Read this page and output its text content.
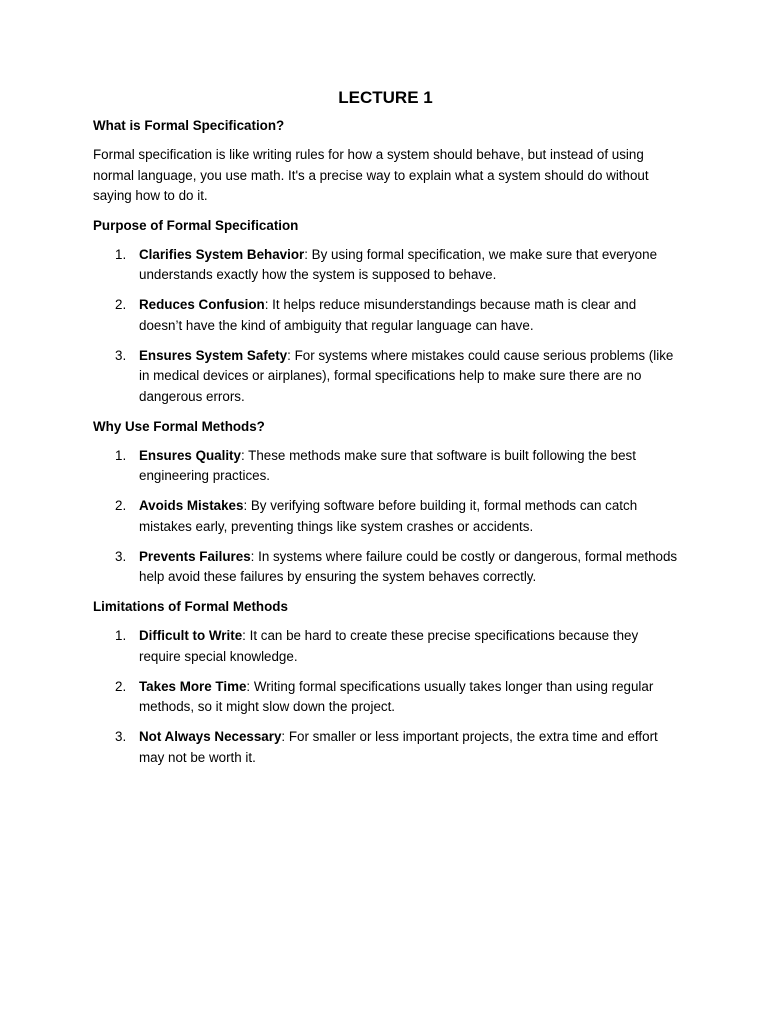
LECTURE 1
What is Formal Specification?
Formal specification is like writing rules for how a system should behave, but instead of using normal language, you use math. It's a precise way to explain what a system should do without saying how to do it.
Purpose of Formal Specification
1. Clarifies System Behavior: By using formal specification, we make sure that everyone understands exactly how the system is supposed to behave.
2. Reduces Confusion: It helps reduce misunderstandings because math is clear and doesn’t have the kind of ambiguity that regular language can have.
3. Ensures System Safety: For systems where mistakes could cause serious problems (like in medical devices or airplanes), formal specifications help to make sure there are no dangerous errors.
Why Use Formal Methods?
1. Ensures Quality: These methods make sure that software is built following the best engineering practices.
2. Avoids Mistakes: By verifying software before building it, formal methods can catch mistakes early, preventing things like system crashes or accidents.
3. Prevents Failures: In systems where failure could be costly or dangerous, formal methods help avoid these failures by ensuring the system behaves correctly.
Limitations of Formal Methods
1. Difficult to Write: It can be hard to create these precise specifications because they require special knowledge.
2. Takes More Time: Writing formal specifications usually takes longer than using regular methods, so it might slow down the project.
3. Not Always Necessary: For smaller or less important projects, the extra time and effort may not be worth it.
